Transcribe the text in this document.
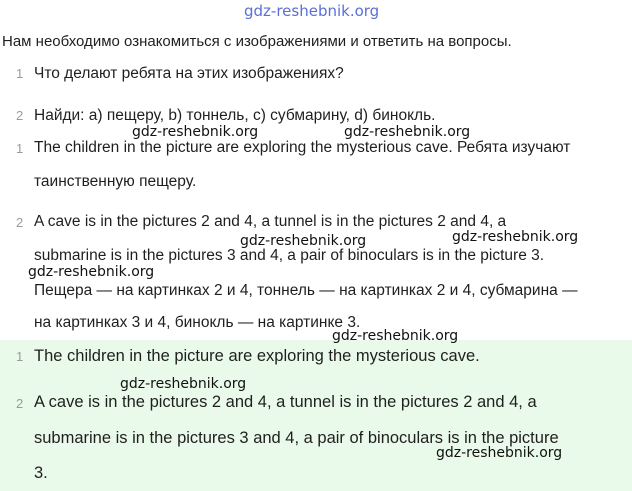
gdz-reshebnik.org
Нам необходимо ознакомиться с изображениями и ответить на вопросы.
1 Что делают ребята на этих изображениях?
2 Найди: а) пещеру, b) тоннель, c) субмарину, d) бинокль.
1 The children in the picture are exploring the mysterious cave. Ребята изучают
таинственную пещеру.
2 A cave is in the pictures 2 and 4, a tunnel is in the pictures 2 and 4, a
submarine is in the pictures 3 and 4, a pair of binoculars is in the picture 3.
Пещера — на картинках 2 и 4, тоннель — на картинках 2 и 4, субмарина —
на картинках 3 и 4, бинокль — на картинке 3.
1 The children in the picture are exploring the mysterious cave.
2 A cave is in the pictures 2 and 4, a tunnel is in the pictures 2 and 4, a
submarine is in the pictures 3 and 4, a pair of binoculars is in the picture
3.
gdz-reshebnik.org	gdz-reshebnik.org
gdz-reshebnik.org	gdz-reshebnik.org
gdz-reshebnik.org
gdz-reshebnik.org
gdz-reshebnik.org
gdz-reshebnik.org
